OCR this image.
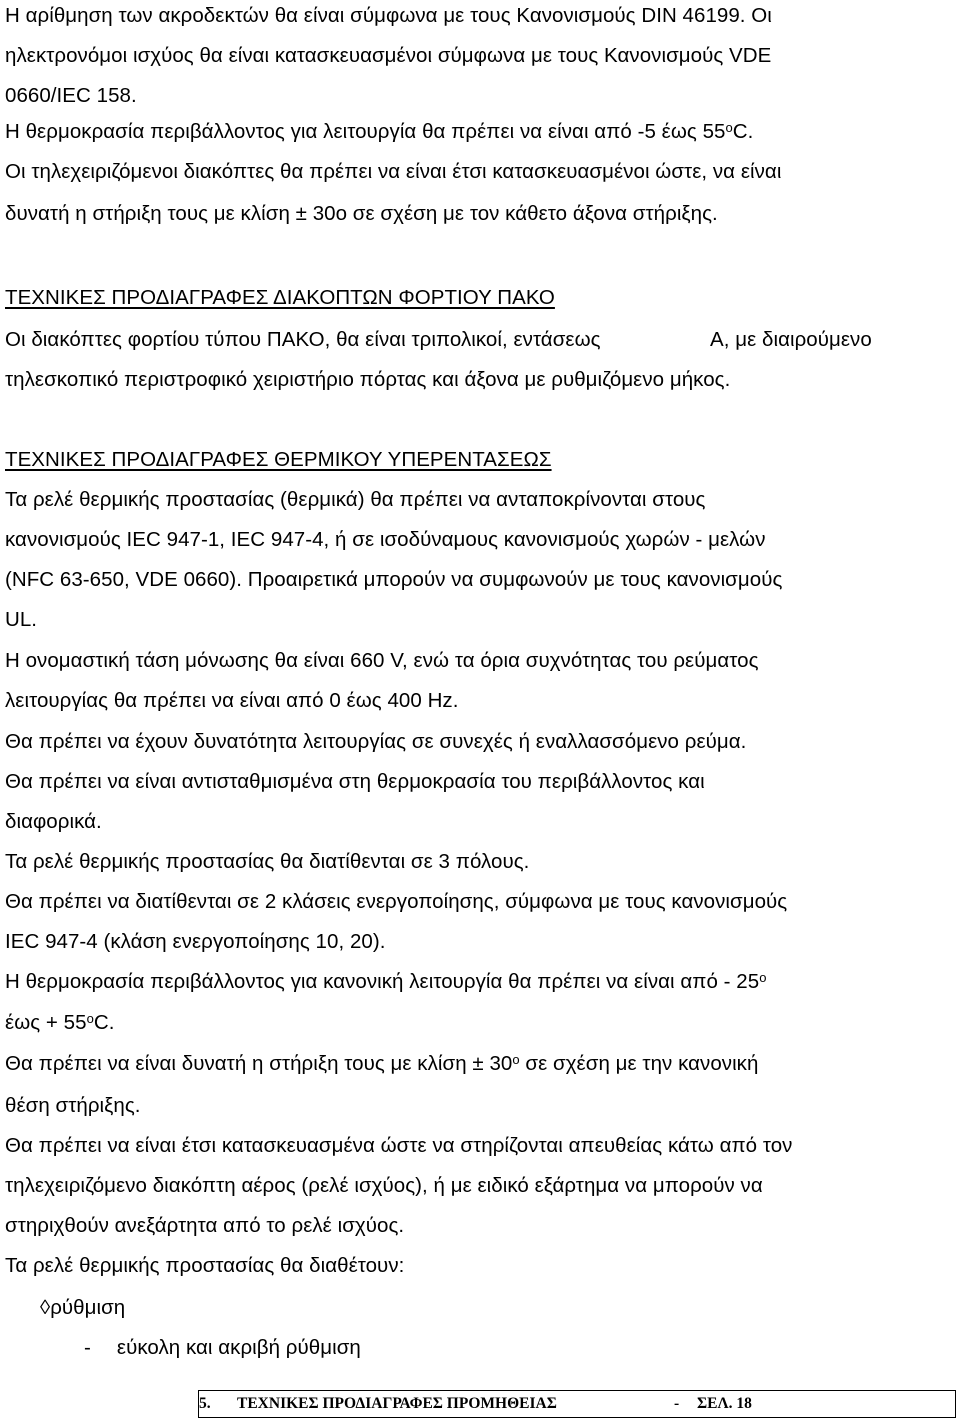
Η αρίθμηση των ακροδεκτών θα είναι σύμφωνα με τους Κανονισμούς DIN 46199. Οι
ηλεκτρονόμοι ισχύος θα είναι κατασκευασμένοι σύμφωνα με τους Κανονισμούς VDE
0660/IEC 158.
Η θερμοκρασία περιβάλλοντος για λειτουργία θα πρέπει να είναι από -5 έως 55$^o$C.
Οι τηλεχειριζόμενοι διακόπτες θα πρέπει να είναι έτσι κατασκευασμένοι ώστε, να είναι
δυνατή η στήριξη τους με κλίση ± 30ο σε σχέση με τον κάθετο άξονα στήριξης.
ΤΕΧΝΙΚΕΣ ΠΡΟΔΙΑΓΡΑΦΕΣ ΔΙΑΚΟΠΤΩΝ ΦΟΡΤΙΟΥ ΠΑΚΟ
Οι διακόπτες φορτίου τύπου ΠΑΚΟ, θα είναι τριπολικοί, εντάσεως	Α, με διαιρούμενο
τηλεσκοπικό περιστροφικό χειριστήριο πόρτας και άξονα με ρυθμιζόμενο μήκος.
ΤΕΧΝΙΚΕΣ ΠΡΟΔΙΑΓΡΑΦΕΣ ΘΕΡΜΙΚΟΥ ΥΠΕΡΕΝΤΑΣΕΩΣ
Τα ρελέ θερμικής προστασίας (θερμικά) θα πρέπει να ανταποκρίνονται στους
κανονισμούς IEC 947-1, IEC 947-4, ή σε ισοδύναμους κανονισμούς χωρών - μελών
(NFC 63-650, VDE 0660). Προαιρετικά μπορούν να συμφωνούν με τους κανονισμούς
UL.
Η ονομαστική τάση μόνωσης θα είναι 660 V, ενώ τα όρια συχνότητας του ρεύματος
λειτουργίας θα πρέπει να είναι από 0 έως 400 Hz.
Θα πρέπει να έχουν δυνατότητα λειτουργίας σε συνεχές ή εναλλασσόμενο ρεύμα.
Θα πρέπει να είναι αντισταθμισμένα στη θερμοκρασία του περιβάλλοντος και
διαφορικά.
Τα ρελέ θερμικής προστασίας θα διατίθενται σε 3 πόλους.
Θα πρέπει να διατίθενται σε 2 κλάσεις ενεργοποίησης, σύμφωνα με τους κανονισμούς
IEC 947-4 (κλάση ενεργοποίησης 10, 20).
Η θερμοκρασία περιβάλλοντος για κανονική λειτουργία θα πρέπει να είναι από - 25$^o$
$έ\omega\varsigma + 55^oC$.
Θα πρέπει να είναι δυνατή η στήριξη τους με $\kappa\lambda ί\sigma\eta \pm 30^o$ σε σχέση με την κανονική
θέση στήριξης.
Θα πρέπει να είναι έτσι κατασκευασμένα ώστε να στηρίζονται απευθείας κάτω από τον
τηλεχειριζόμενο διακόπτη αέρος (ρελέ ισχύος), ή με ειδικό εξάρτημα να μπορούν να
στηριχθούν ανεξάρτητα από το ρελέ ισχύος.
Τα ρελέ θερμικής προστασίας θα διαθέτουν:
◊ρύθμιση
- εύκολη και ακριβή ρύθμιση
5. ΤΕΧΝΙΚΕΣ ΠΡΟΔΙΑΓΡΑΦΕΣ ΠΡΟΜΗΘΕΙΑΣ	- ΣΕΛ. 18
